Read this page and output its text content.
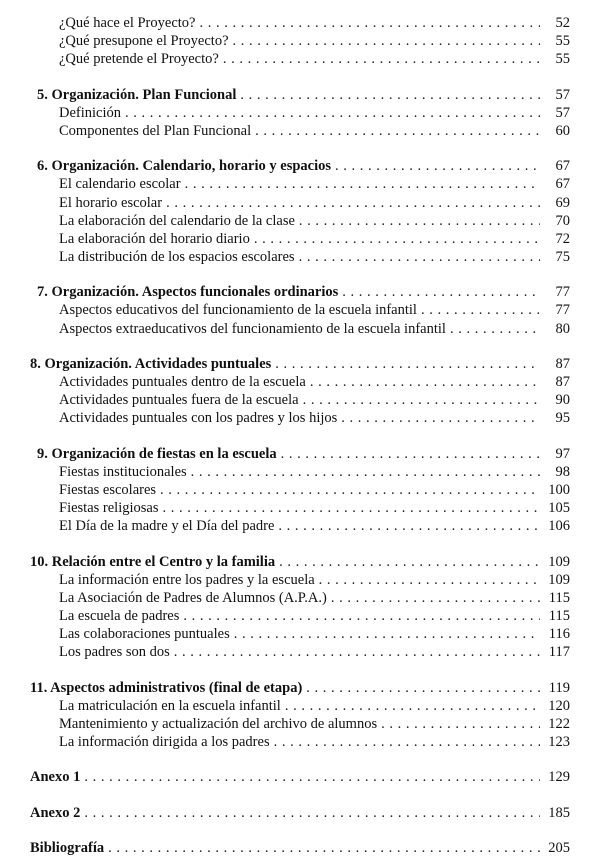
¿Qué hace el Proyecto? . . .	52
¿Qué presupone el Proyecto? . . .	55
¿Qué pretende el Proyecto? . . .	55
5. Organización. Plan Funcional . . .	57
Definición . . .	57
Componentes del Plan Funcional . . .	60
6. Organización. Calendario, horario y espacios . . .	67
El calendario escolar . . .	67
El horario escolar . . .	69
La elaboración del calendario de la clase . . .	70
La elaboración del horario diario . . .	72
La distribución de los espacios escolares . . .	75
7. Organización. Aspectos funcionales ordinarios . . .	77
Aspectos educativos del funcionamiento de la escuela infantil . . .	77
Aspectos extraeducativos del funcionamiento de la escuela infantil . . .	80
8. Organización. Actividades puntuales . . .	87
Actividades puntuales dentro de la escuela . . .	87
Actividades puntuales fuera de la escuela . . .	90
Actividades puntuales con los padres y los hijos . . .	95
9. Organización de fiestas en la escuela . . .	97
Fiestas institucionales . . .	98
Fiestas escolares . . .	100
Fiestas religiosas . . .	105
El Día de la madre y el Día del padre . . .	106
10. Relación entre el Centro y la familia . . .	109
La información entre los padres y la escuela . . .	109
La Asociación de Padres de Alumnos (A.P.A.) . . .	115
La escuela de padres . . .	115
Las colaboraciones puntuales . . .	116
Los padres son dos . . .	117
11. Aspectos administrativos (final de etapa) . . .	119
La matriculación en la escuela infantil . . .	120
Mantenimiento y actualización del archivo de alumnos . . .	122
La información dirigida a los padres . . .	123
Anexo 1 . . .	129
Anexo 2 . . .	185
Bibliografía . . .	205
